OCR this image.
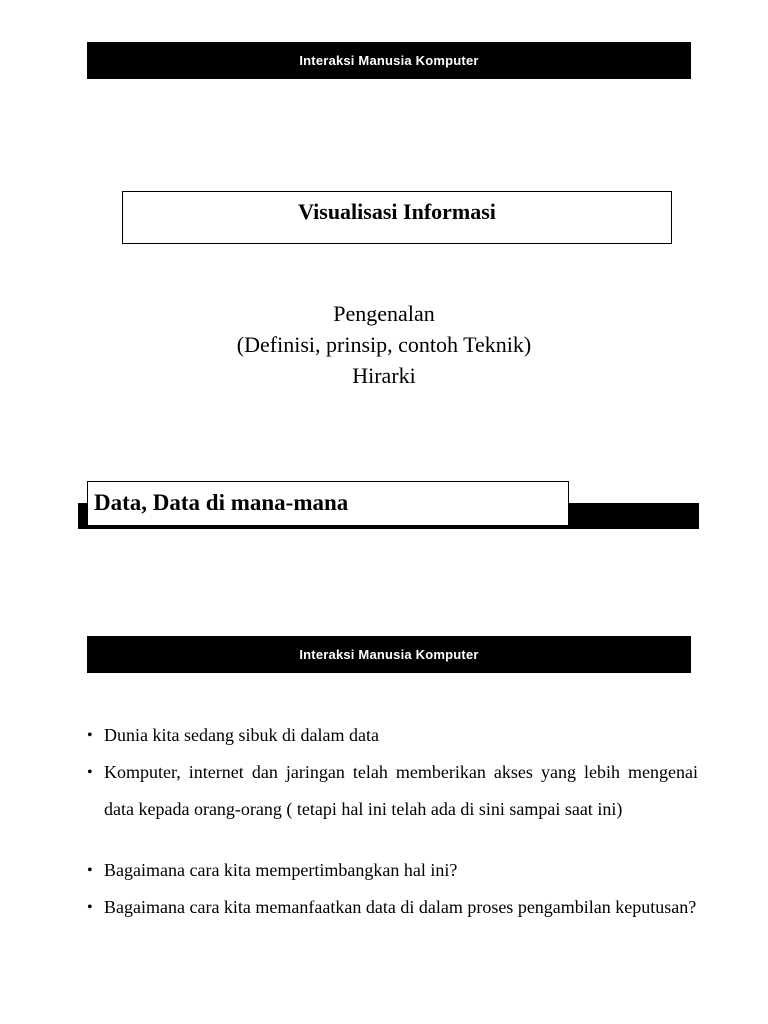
Interaksi Manusia Komputer
Visualisasi Informasi
Pengenalan
(Definisi, prinsip, contoh Teknik)
Hirarki
Data, Data di mana-mana
Interaksi Manusia Komputer
• Dunia kita sedang sibuk di dalam data
• Komputer, internet dan jaringan telah memberikan akses yang lebih mengenai data kepada orang-orang ( tetapi hal ini telah ada di sini sampai saat ini)
• Bagaimana cara kita mempertimbangkan hal ini?
• Bagaimana cara kita memanfaatkan data di dalam proses pengambilan keputusan?
